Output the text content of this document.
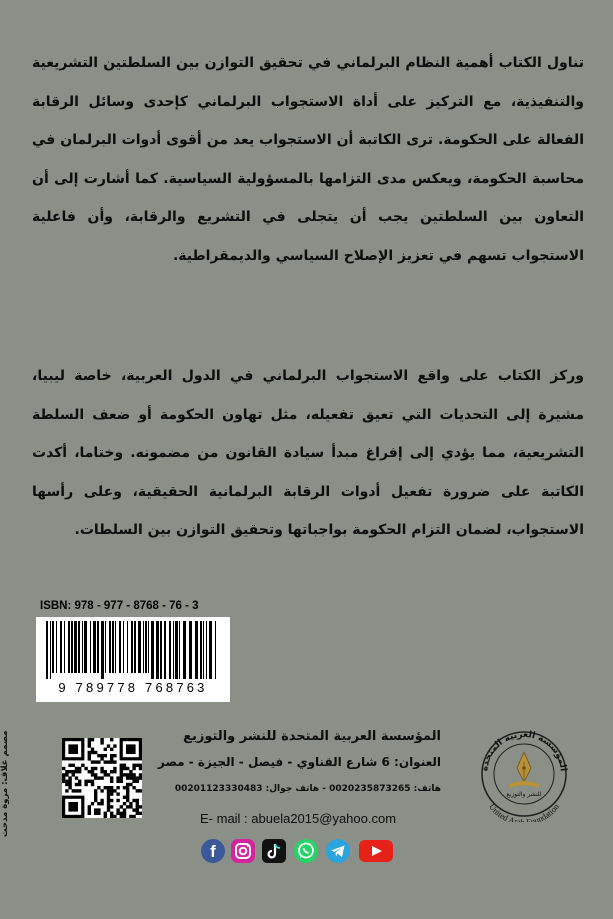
تناول الكتاب أهمية النظام البرلماني في تحقيق التوازن بين السلطتين التشريعية والتنفيذية، مع التركيز على أداة الاستجواب البرلماني كإحدى وسائل الرقابة الفعالة على الحكومة. ترى الكاتبة أن الاستجواب يعد من أقوى أدوات البرلمان في محاسبة الحكومة، ويعكس مدى التزامها بالمسؤولية السياسية. كما أشارت إلى أن التعاون بين السلطتين يجب أن يتجلى في التشريع والرقابة، وأن فاعلية الاستجواب تسهم في تعزيز الإصلاح السياسي والديمقراطية.
وركز الكتاب على واقع الاستجواب البرلماني في الدول العربية، خاصة ليبيا، مشيرة إلى التحديات التي تعيق تفعيله، مثل تهاون الحكومة أو ضعف السلطة التشريعية، مما يؤدي إلى إفراغ مبدأ سيادة القانون من مضمونه. وختاما، أكدت الكاتبة على ضرورة تفعيل أدوات الرقابة البرلمانية الحقيقية، وعلى رأسها الاستجواب، لضمان التزام الحكومة بواجباتها وتحقيق التوازن بين السلطات.
ISBN: 978 - 977 - 8768 - 76 - 3
9 789778 768763
مصمم غلاف: مروة مدحت	المؤسسة العربية المتحدة للنشر والتوزيع
العنوان: 6 شارع القناوي - فيصل - الجيزة - مصر
هاتف: 0020235873265 - هاتف جوال: 00201123330483
E- mail : abuela2015@yahoo.com
المؤسسة العربية المتحدة
United Arab Foundation
للنشر والتوزيع
f
